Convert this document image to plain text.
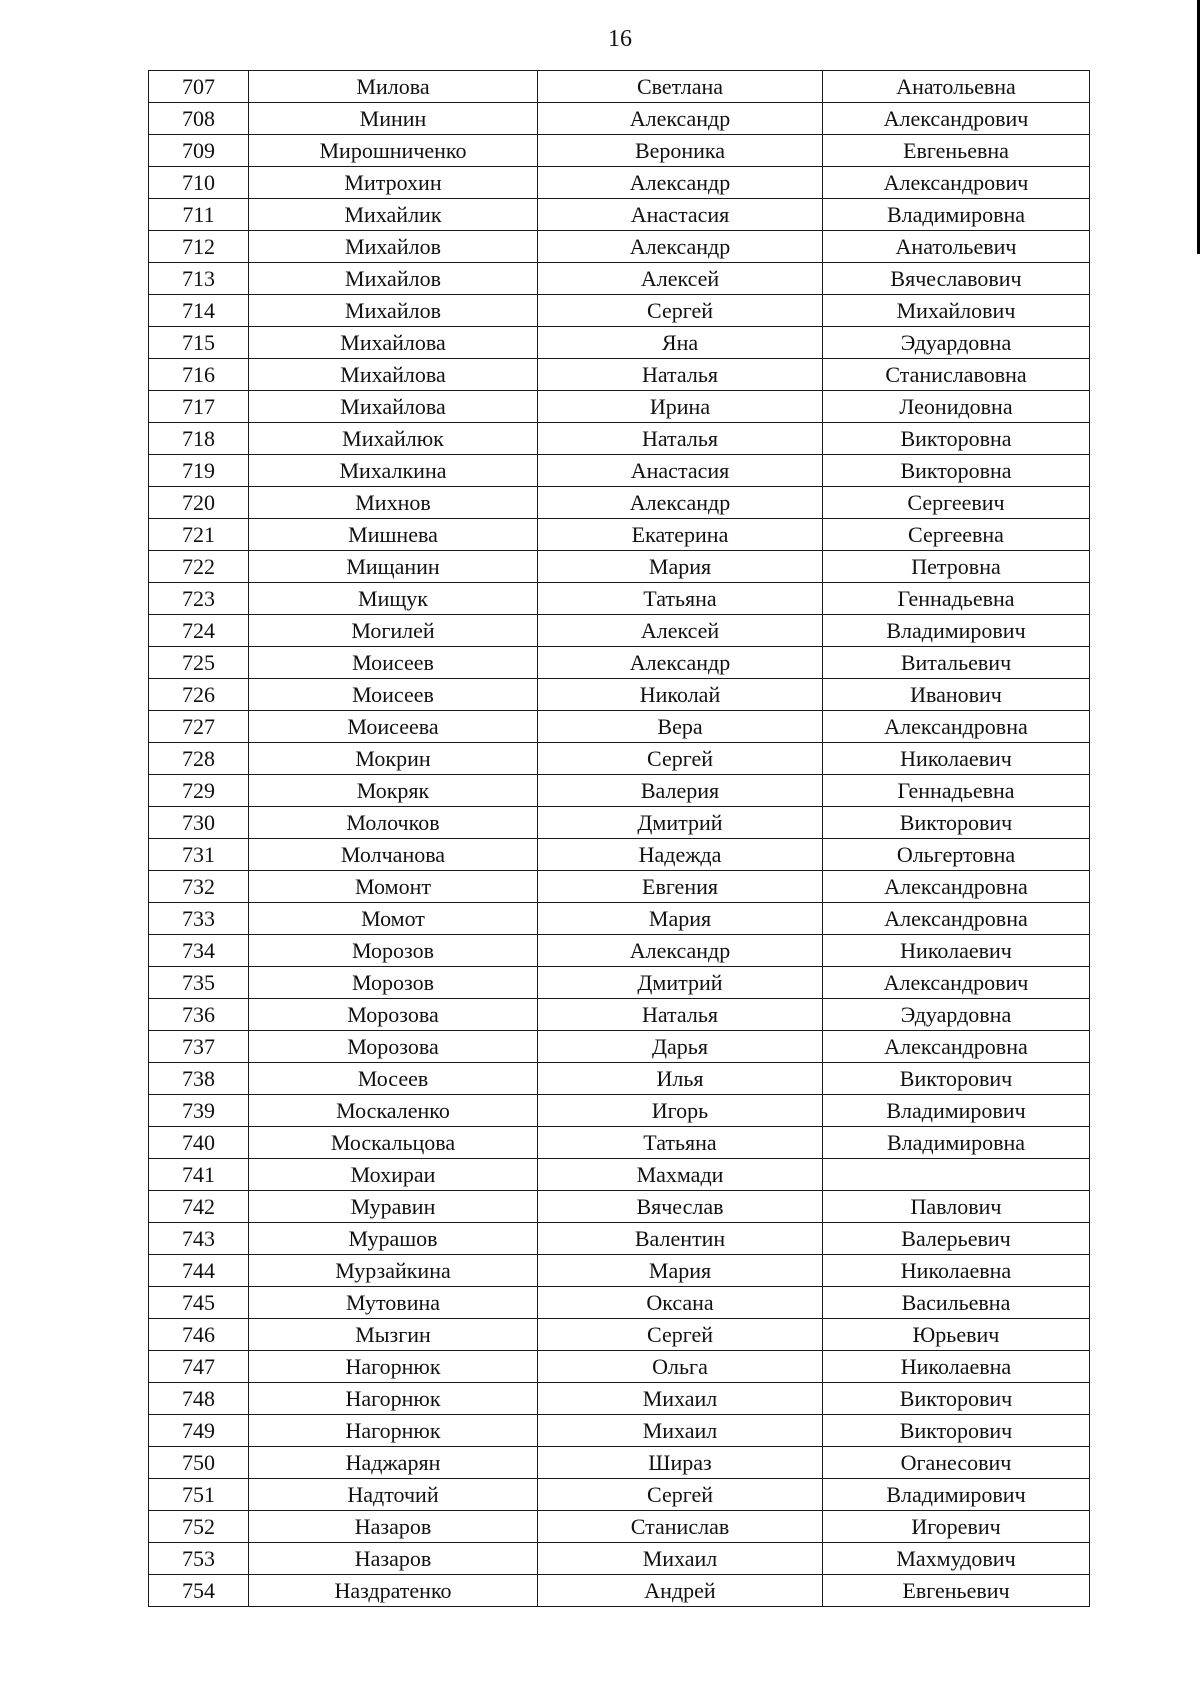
16
707	Милова	Светлана	Анатольевна
708	Минин	Александр	Александрович
709	Мирошниченко	Вероника	Евгеньевна
710	Митрохин	Александр	Александрович
711	Михайлик	Анастасия	Владимировна
712	Михайлов	Александр	Анатольевич
713	Михайлов	Алексей	Вячеславович
714	Михайлов	Сергей	Михайлович
715	Михайлова	Яна	Эдуардовна
716	Михайлова	Наталья	Станиславовна
717	Михайлова	Ирина	Леонидовна
718	Михайлюк	Наталья	Викторовна
719	Михалкина	Анастасия	Викторовна
720	Михнов	Александр	Сергеевич
721	Мишнева	Екатерина	Сергеевна
722	Мищанин	Мария	Петровна
723	Мищук	Татьяна	Геннадьевна
724	Могилей	Алексей	Владимирович
725	Моисеев	Александр	Витальевич
726	Моисеев	Николай	Иванович
727	Моисеева	Вера	Александровна
728	Мокрин	Сергей	Николаевич
729	Мокряк	Валерия	Геннадьевна
730	Молочков	Дмитрий	Викторович
731	Молчанова	Надежда	Ольгертовна
732	Момонт	Евгения	Александровна
733	Момот	Мария	Александровна
734	Морозов	Александр	Николаевич
735	Морозов	Дмитрий	Александрович
736	Морозова	Наталья	Эдуардовна
737	Морозова	Дарья	Александровна
738	Мосеев	Илья	Викторович
739	Москаленко	Игорь	Владимирович
740	Москальцова	Татьяна	Владимировна
741	Мохираи	Махмади	
742	Муравин	Вячеслав	Павлович
743	Мурашов	Валентин	Валерьевич
744	Мурзайкина	Мария	Николаевна
745	Мутовина	Оксана	Васильевна
746	Мызгин	Сергей	Юрьевич
747	Нагорнюк	Ольга	Николаевна
748	Нагорнюк	Михаил	Викторович
749	Нагорнюк	Михаил	Викторович
750	Наджарян	Шираз	Оганесович
751	Надточий	Сергей	Владимирович
752	Назаров	Станислав	Игоревич
753	Назаров	Михаил	Махмудович
754	Наздратенко	Андрей	Евгеньевич
